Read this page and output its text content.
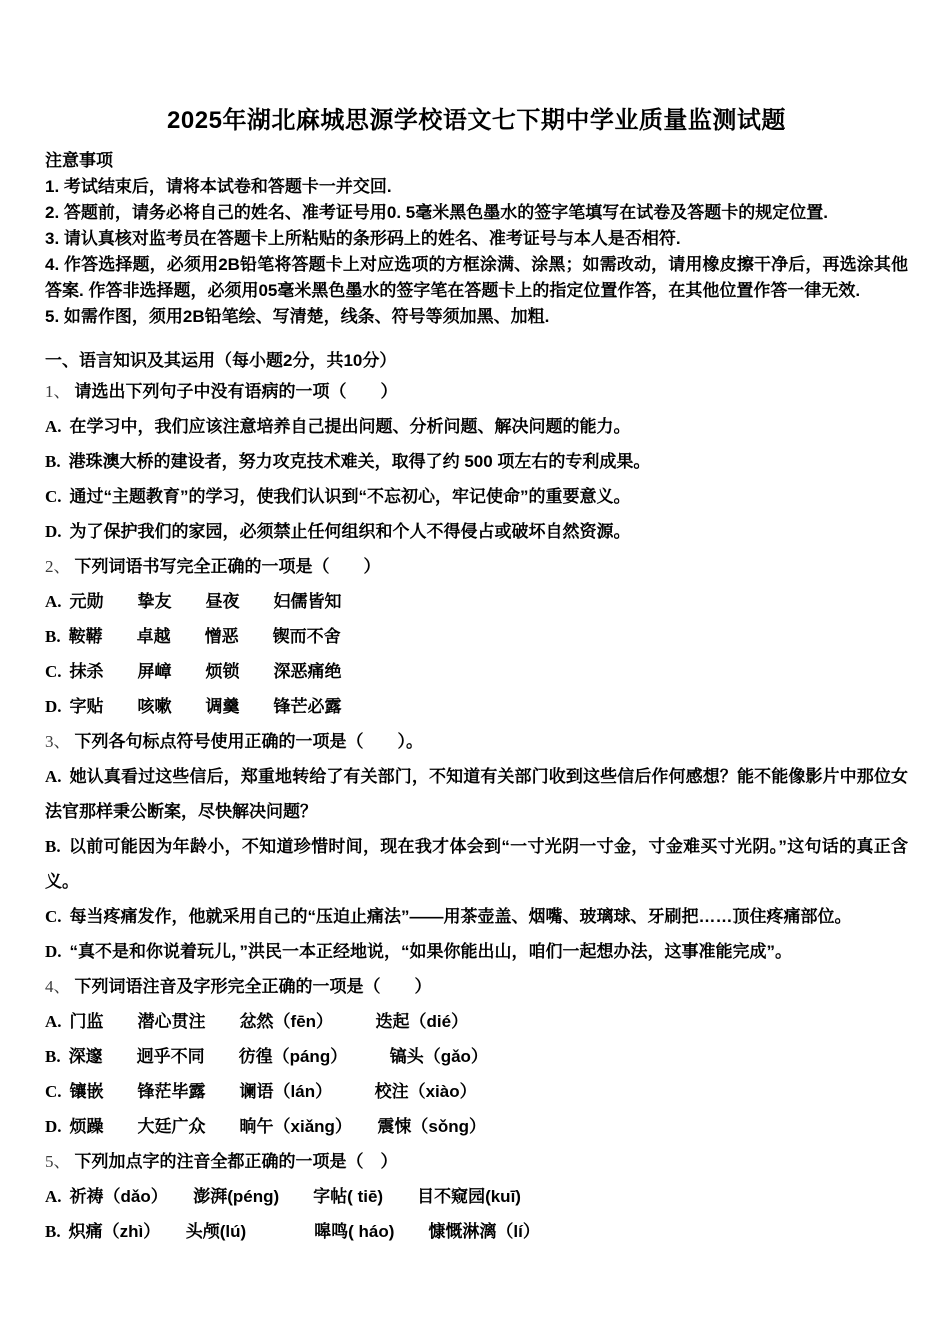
2025年湖北麻城思源学校语文七下期中学业质量监测试题

注意事项

1. 考试结束后，请将本试卷和答题卡一并交回.

2. 答题前，请务必将自己的姓名、准考证号用0. 5毫米黑色墨水的签字笔填写在试卷及答题卡的规定位置.

3. 请认真核对监考员在答题卡上所粘贴的条形码上的姓名、准考证号与本人是否相符.

4. 作答选择题，必须用2B铅笔将答题卡上对应选项的方框涂满、涂黑；如需改动，请用橡皮擦干净后，再选涂其他答案. 作答非选择题，必须用05毫米黑色墨水的签字笔在答题卡上的指定位置作答，在其他位置作答一律无效.

5. 如需作图，须用2B铅笔绘、写清楚，线条、符号等须加黑、加粗.

一、语言知识及其运用（每小题2分，共10分）

1、 请选出下列句子中没有语病的一项（　　）

A. 在学习中，我们应该注意培养自己提出问题、分析问题、解决问题的能力。

B. 港珠澳大桥的建设者，努力攻克技术难关，取得了约 500 项左右的专利成果。

C. 通过“主题教育”的学习，使我们认识到“不忘初心，牢记使命”的重要意义。

D. 为了保护我们的家园，必须禁止任何组织和个人不得侵占或破坏自然资源。

2、 下列词语书写完全正确的一项是（　　）

A. 元勋　　挚友　　昼夜　　妇儒皆知

B. 鞍鞯　　卓越　　憎恶　　锲而不舍

C. 抹杀　　屏嶂　　烦锁　　深恶痛绝

D. 字贴　　咳嗽　　调羹　　锋芒必露

3、 下列各句标点符号使用正确的一项是（　　）。

A. 她认真看过这些信后，郑重地转给了有关部门，不知道有关部门收到这些信后作何感想？能不能像影片中那位女法官那样秉公断案，尽快解决问题？

B. 以前可能因为年龄小，不知道珍惜时间，现在我才体会到“一寸光阴一寸金，寸金难买寸光阴。”这句话的真正含义。

C. 每当疼痛发作，他就采用自己的“压迫止痛法”——用茶壶盖、烟嘴、玻璃球、牙刷把……顶住疼痛部位。

D. “真不是和你说着玩儿，”洪民一本正经地说，“如果你能出山，咱们一起想办法，这事准能完成”。

4、 下列词语注音及字形完全正确的一项是（　　）

A. 门监　　潜心贯注　　忿然（fēn）　　　迭起（dié）

B. 深邃　　迥乎不同　　彷徨（páng）　　　镐头（gǎo）

C. 镶嵌　　锋茫毕露　　谰语（lán）　　　校注（xiào）

D. 烦躁　　大廷广众　　晌午（xiǎng）　　震悚（sǒng）

5、 下列加点字的注音全都正确的一项是（　）

A. 祈祷（dǎo）　　澎湃(péng)　　字帖( tiē)　　目不窥园(kuī)

B. 炽痛（zhì）　　头颅(lú)　　　　嗥鸣( háo)　　慷慨淋漓（lí）
